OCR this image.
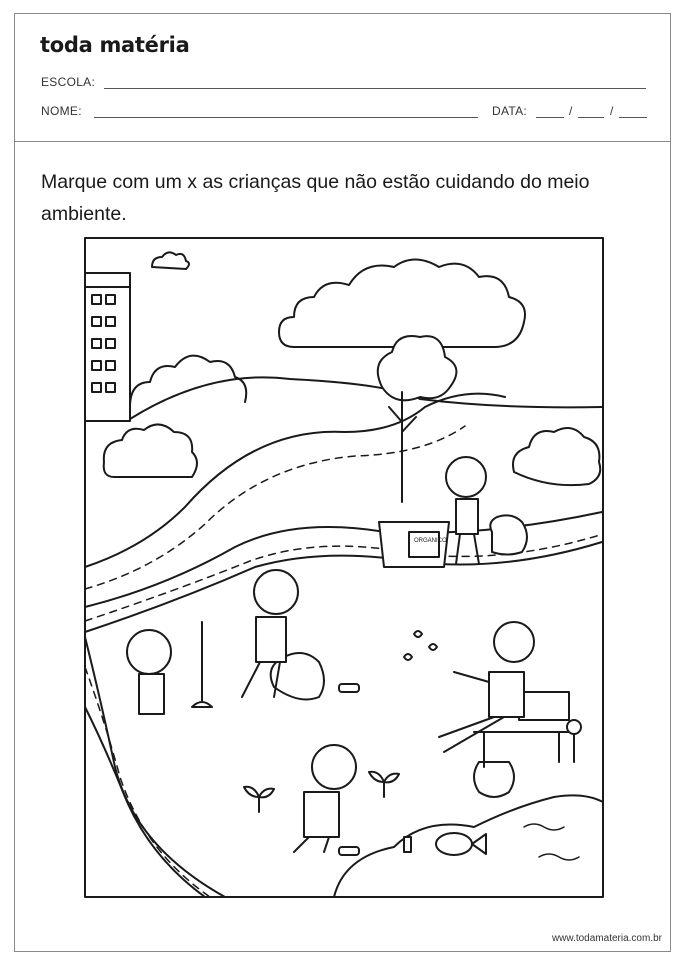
toda matéria
ESCOLA:
NOME:	DATA:	/	/
Marque com um x as crianças que não estão cuidando do meio ambiente.
ORGANICO
www.todamateria.com.br
